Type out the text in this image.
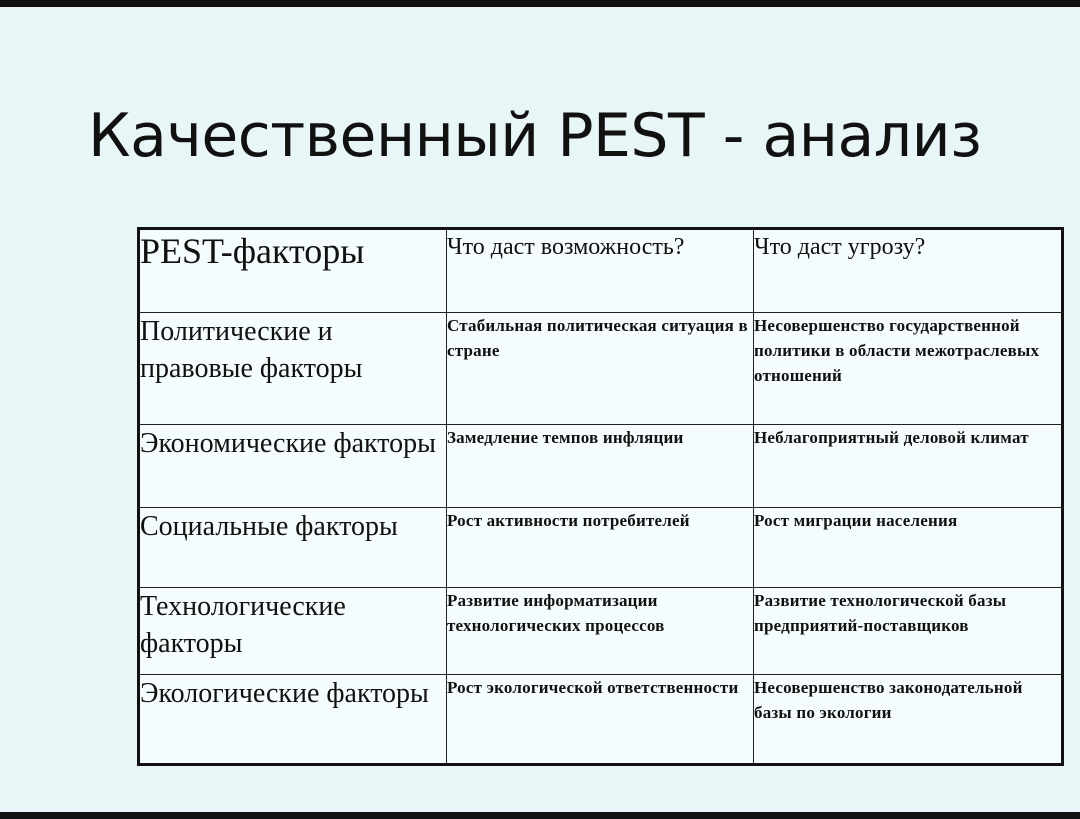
Качественный PEST - анализ
PEST-факторы	Что даст возможность?	Что даст угрозу?
Политические и правовые факторы	Стабильная политическая ситуация в стране	Несовершенство государственной политики в области межотраслевых отношений
Экономические факторы	Замедление темпов инфляции	Неблагоприятный деловой климат
Социальные факторы	Рост активности потребителей	Рост миграции населения
Технологические факторы	Развитие информатизации технологических процессов	Развитие технологической базы предприятий-поставщиков
Экологические факторы	Рост экологической ответственности	Несовершенство законодательной базы по экологии
